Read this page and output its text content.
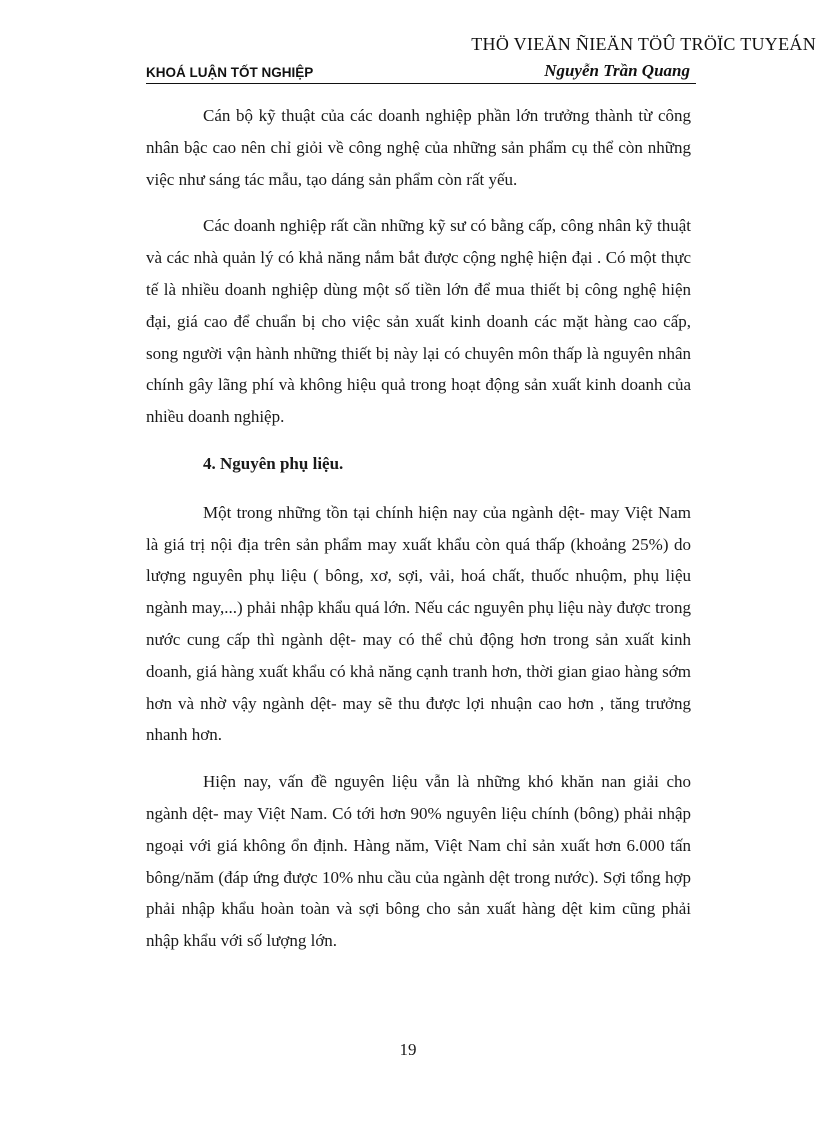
THÖ VIEÄN ÑIEÄN TÖÛ TRÖÏC TUYEÁN
KHOÁ LUẬN TỐT NGHIỆP	Nguyễn Trần Quang

Cán bộ kỹ thuật của các doanh nghiệp phần lớn trưởng thành từ công nhân bậc cao nên chỉ giỏi về công nghệ của những sản phẩm cụ thể còn những việc như sáng tác mẫu, tạo dáng sản phẩm còn rất yếu.

Các doanh nghiệp rất cần những kỹ sư có bằng cấp, công nhân kỹ thuật và các nhà quản lý có khả năng nắm bắt được cộng nghệ hiện đại . Có một thực tế là nhiều doanh nghiệp dùng một số tiền lớn để mua thiết bị công nghệ hiện đại, giá cao để chuẩn bị cho việc sản xuất kinh doanh các mặt hàng cao cấp, song người vận hành những thiết bị này lại có chuyên môn thấp là nguyên nhân chính gây lãng phí và không hiệu quả trong hoạt động sản xuất kinh doanh của nhiều doanh nghiệp.

4. Nguyên phụ liệu.

Một trong những tồn tại chính hiện nay của ngành dệt- may Việt Nam là giá trị nội địa trên sản phẩm may xuất khẩu còn quá thấp (khoảng 25%) do lượng nguyên phụ liệu ( bông, xơ, sợi, vải, hoá chất, thuốc nhuộm, phụ liệu ngành may,...) phải nhập khẩu quá lớn. Nếu các nguyên phụ liệu này được trong nước cung cấp thì ngành dệt- may có thể chủ động hơn trong sản xuất kinh doanh, giá hàng xuất khẩu có khả năng cạnh tranh hơn, thời gian giao hàng sớm hơn và nhờ vậy ngành dệt- may sẽ thu được lợi nhuận cao hơn , tăng trưởng nhanh hơn.

Hiện nay, vấn đề nguyên liệu vẫn là những khó khăn nan giải cho ngành dệt- may Việt Nam. Có tới hơn 90% nguyên liệu chính (bông) phải nhập ngoại với giá không ổn định. Hàng năm, Việt Nam chỉ sản xuất hơn 6.000 tấn bông/năm (đáp ứng được 10% nhu cầu của ngành dệt trong nước). Sợi tổng hợp phải nhập khẩu hoàn toàn và sợi bông cho sản xuất hàng dệt kim cũng phải nhập khẩu với số lượng lớn.

19
